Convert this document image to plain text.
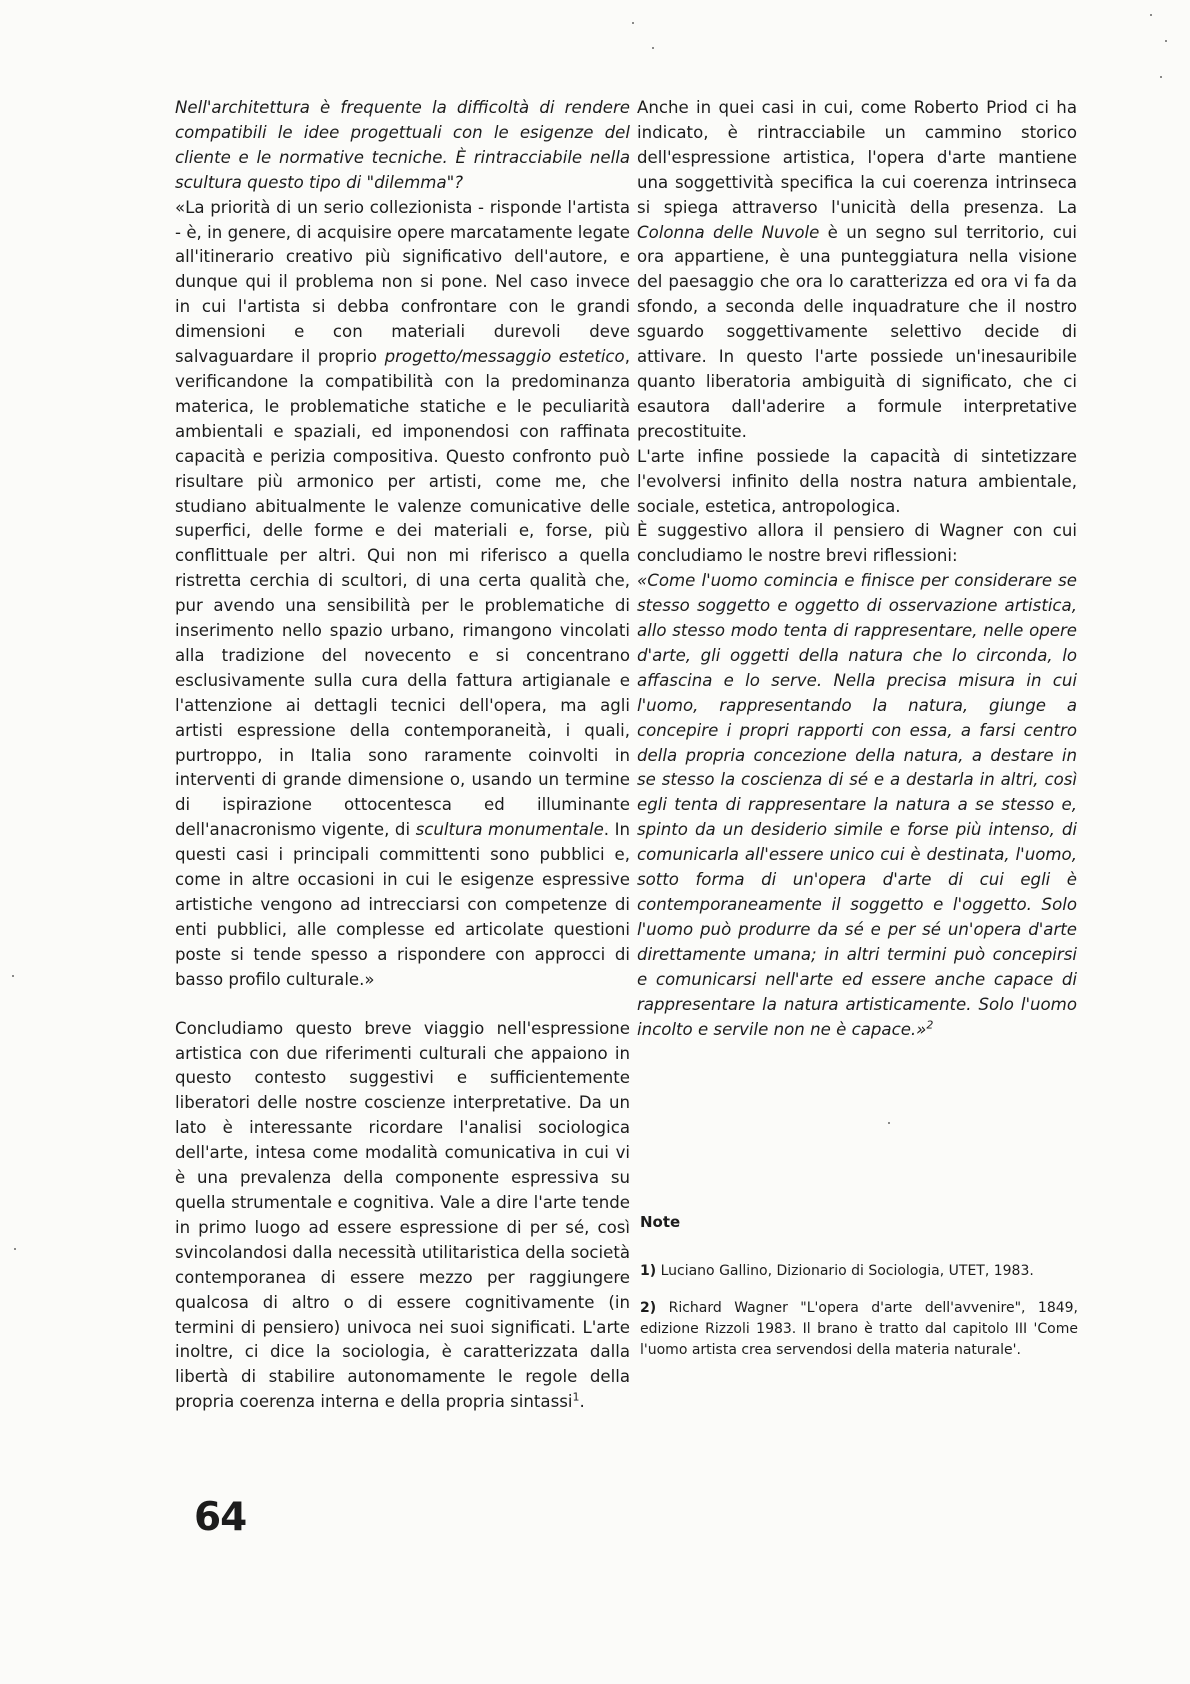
Nell'architettura è frequente la difficoltà di rendere compatibili le idee progettuali con le esigenze del cliente e le normative tecniche. È rintracciabile nella scultura questo tipo di "dilemma"?

«La priorità di un serio collezionista - risponde l'artista - è, in genere, di acquisire opere marcatamente legate all'itinerario creativo più significativo dell'autore, e dunque qui il problema non si pone. Nel caso invece in cui l'artista si debba confrontare con le grandi dimensioni e con materiali durevoli deve salvaguardare il proprio progetto/messaggio estetico, verificandone la compatibilità con la predominanza materica, le problematiche statiche e le peculiarità ambientali e spaziali, ed imponendosi con raffinata capacità e perizia compositiva. Questo confronto può risultare più armonico per artisti, come me, che studiano abitualmente le valenze comunicative delle superfici, delle forme e dei materiali e, forse, più conflittuale per altri. Qui non mi riferisco a quella ristretta cerchia di scultori, di una certa qualità che, pur avendo una sensibilità per le problematiche di inserimento nello spazio urbano, rimangono vincolati alla tradizione del novecento e si concentrano esclusivamente sulla cura della fattura artigianale e l'attenzione ai dettagli tecnici dell'opera, ma agli artisti espressione della contemporaneità, i quali, purtroppo, in Italia sono raramente coinvolti in interventi di grande dimensione o, usando un termine di ispirazione ottocentesca ed illuminante dell'anacronismo vigente, di scultura monumentale. In questi casi i principali committenti sono pubblici e, come in altre occasioni in cui le esigenze espressive artistiche vengono ad intrecciarsi con competenze di enti pubblici, alle complesse ed articolate questioni poste si tende spesso a rispondere con approcci di basso profilo culturale.»

Concludiamo questo breve viaggio nell'espressione artistica con due riferimenti culturali che appaiono in questo contesto suggestivi e sufficientemente liberatori delle nostre coscienze interpretative. Da un lato è interessante ricordare l'analisi sociologica dell'arte, intesa come modalità comunicativa in cui vi è una prevalenza della componente espressiva su quella strumentale e cognitiva. Vale a dire l'arte tende in primo luogo ad essere espressione di per sé, così svincolandosi dalla necessità utilitaristica della società contemporanea di essere mezzo per raggiungere qualcosa di altro o di essere cognitivamente (in termini di pensiero) univoca nei suoi significati. L'arte inoltre, ci dice la sociologia, è caratterizzata dalla libertà di stabilire autonomamente le regole della propria coerenza interna e della propria sintassi$^1$.

Anche in quei casi in cui, come Roberto Priod ci ha indicato, è rintracciabile un cammino storico dell'espressione artistica, l'opera d'arte mantiene una soggettività specifica la cui coerenza intrinseca si spiega attraverso l'unicità della presenza. La Colonna delle Nuvole è un segno sul territorio, cui ora appartiene, è una punteggiatura nella visione del paesaggio che ora lo caratterizza ed ora vi fa da sfondo, a seconda delle inquadrature che il nostro sguardo soggettivamente selettivo decide di attivare. In questo l'arte possiede un'inesauribile quanto liberatoria ambiguità di significato, che ci esautora dall'aderire a formule interpretative precostituite.

L'arte infine possiede la capacità di sintetizzare l'evolversi infinito della nostra natura ambientale, sociale, estetica, antropologica.

È suggestivo allora il pensiero di Wagner con cui concludiamo le nostre brevi riflessioni:

«Come l'uomo comincia e finisce per considerare se stesso soggetto e oggetto di osservazione artistica, allo stesso modo tenta di rappresentare, nelle opere d'arte, gli oggetti della natura che lo circonda, lo affascina e lo serve. Nella precisa misura in cui l'uomo, rappresentando la natura, giunge a concepire i propri rapporti con essa, a farsi centro della propria concezione della natura, a destare in se stesso la coscienza di sé e a destarla in altri, così egli tenta di rappresentare la natura a se stesso e, spinto da un desiderio simile e forse più intenso, di comunicarla all'essere unico cui è destinata, l'uomo, sotto forma di un'opera d'arte di cui egli è contemporaneamente il soggetto e l'oggetto. Solo l'uomo può produrre da sé e per sé un'opera d'arte direttamente umana; in altri termini può concepirsi e comunicarsi nell'arte ed essere anche capace di rappresentare la natura artisticamente. Solo l'uomo incolto e servile non ne è capace.»$^2$

Note

1) Luciano Gallino, Dizionario di Sociologia, UTET, 1983.

2) Richard Wagner "L'opera d'arte dell'avvenire", 1849, edizione Rizzoli 1983. Il brano è tratto dal capitolo III 'Come l'uomo artista crea servendosi della materia naturale'.

64
